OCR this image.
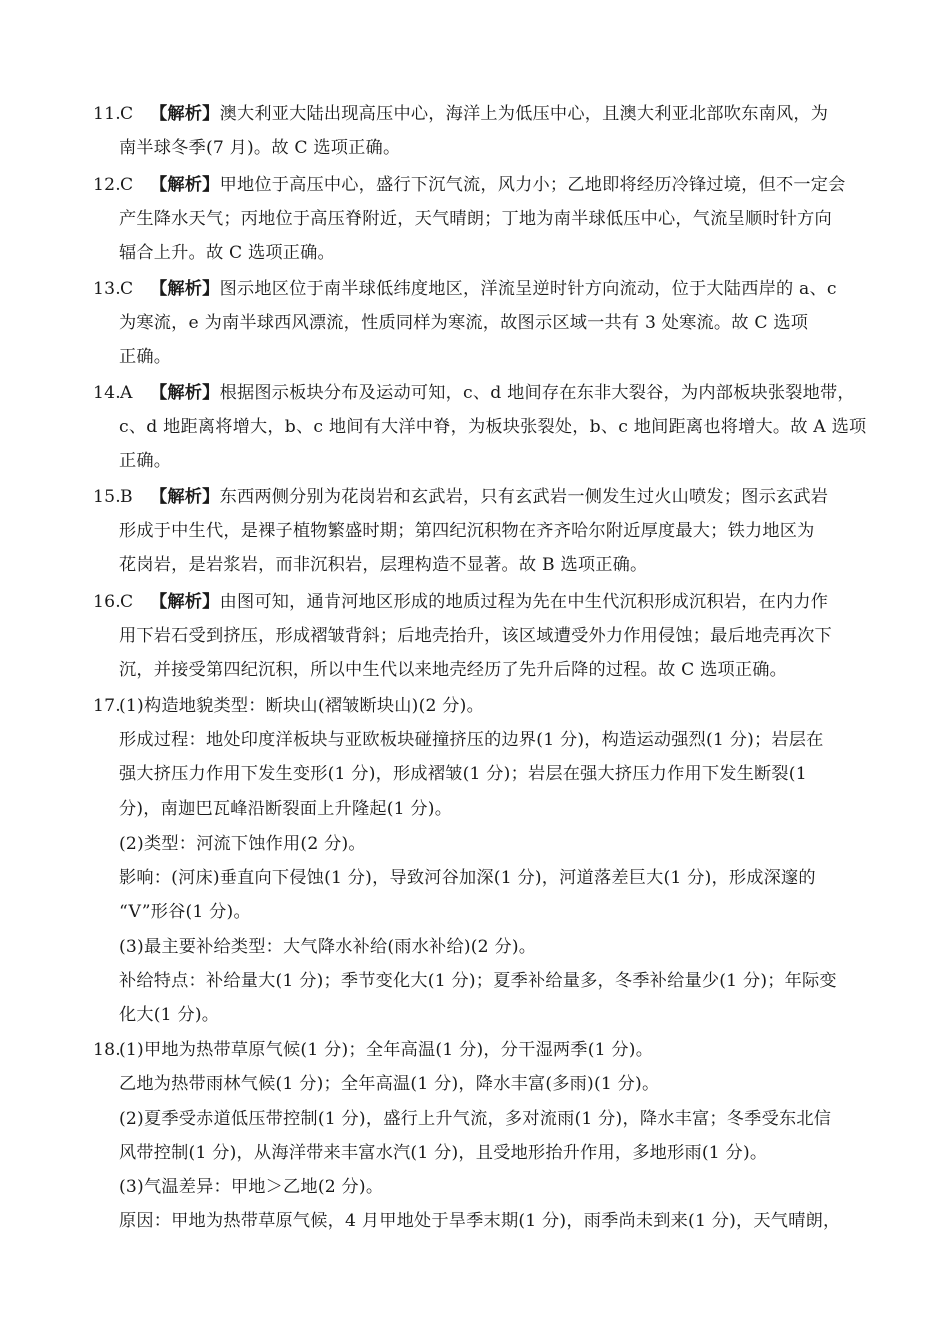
11. C 【解析】澳大利亚大陆出现高压中心，海洋上为低压中心，且澳大利亚北部吹东南风，为
南半球冬季(7 月)。故 C 选项正确。
12. C 【解析】甲地位于高压中心，盛行下沉气流，风力小；乙地即将经历冷锋过境，但不一定会
产生降水天气；丙地位于高压脊附近，天气晴朗；丁地为南半球低压中心，气流呈顺时针方向
辐合上升。故 C 选项正确。
13. C 【解析】图示地区位于南半球低纬度地区，洋流呈逆时针方向流动，位于大陆西岸的 a、c
为寒流，e 为南半球西风漂流，性质同样为寒流，故图示区域一共有 3 处寒流。故 C 选项
正确。
14. A 【解析】根据图示板块分布及运动可知，c、d 地间存在东非大裂谷，为内部板块张裂地带，
c、d 地距离将增大，b、c 地间有大洋中脊，为板块张裂处，b、c 地间距离也将增大。故 A 选项
正确。
15. B 【解析】东西两侧分别为花岗岩和玄武岩，只有玄武岩一侧发生过火山喷发；图示玄武岩
形成于中生代，是裸子植物繁盛时期；第四纪沉积物在齐齐哈尔附近厚度最大；铁力地区为
花岗岩，是岩浆岩，而非沉积岩，层理构造不显著。故 B 选项正确。
16. C 【解析】由图可知，通肯河地区形成的地质过程为先在中生代沉积形成沉积岩，在内力作
用下岩石受到挤压，形成褶皱背斜；后地壳抬升，该区域遭受外力作用侵蚀；最后地壳再次下
沉，并接受第四纪沉积，所以中生代以来地壳经历了先升后降的过程。故 C 选项正确。
17.
(1)构造地貌类型：断块山(褶皱断块山)(2 分)。
形成过程：地处印度洋板块与亚欧板块碰撞挤压的边界(1 分)，构造运动强烈(1 分)；岩层在
强大挤压力作用下发生变形(1 分)，形成褶皱(1 分)；岩层在强大挤压力作用下发生断裂(1
分)，南迦巴瓦峰沿断裂面上升隆起(1 分)。
(2)类型：河流下蚀作用(2 分)。
影响：(河床)垂直向下侵蚀(1 分)，导致河谷加深(1 分)，河道落差巨大(1 分)，形成深邃的
“V”形谷(1 分)。
(3)最主要补给类型：大气降水补给(雨水补给)(2 分)。
补给特点：补给量大(1 分)；季节变化大(1 分)；夏季补给量多，冬季补给量少(1 分)；年际变
化大(1 分)。
18.
(1)甲地为热带草原气候(1 分)；全年高温(1 分)，分干湿两季(1 分)。
乙地为热带雨林气候(1 分)；全年高温(1 分)，降水丰富(多雨)(1 分)。
(2)夏季受赤道低压带控制(1 分)，盛行上升气流，多对流雨(1 分)，降水丰富；冬季受东北信
风带控制(1 分)，从海洋带来丰富水汽(1 分)，且受地形抬升作用，多地形雨(1 分)。
(3)气温差异：甲地＞乙地(2 分)。
原因：甲地为热带草原气候，4 月甲地处于旱季末期(1 分)，雨季尚未到来(1 分)，天气晴朗，
